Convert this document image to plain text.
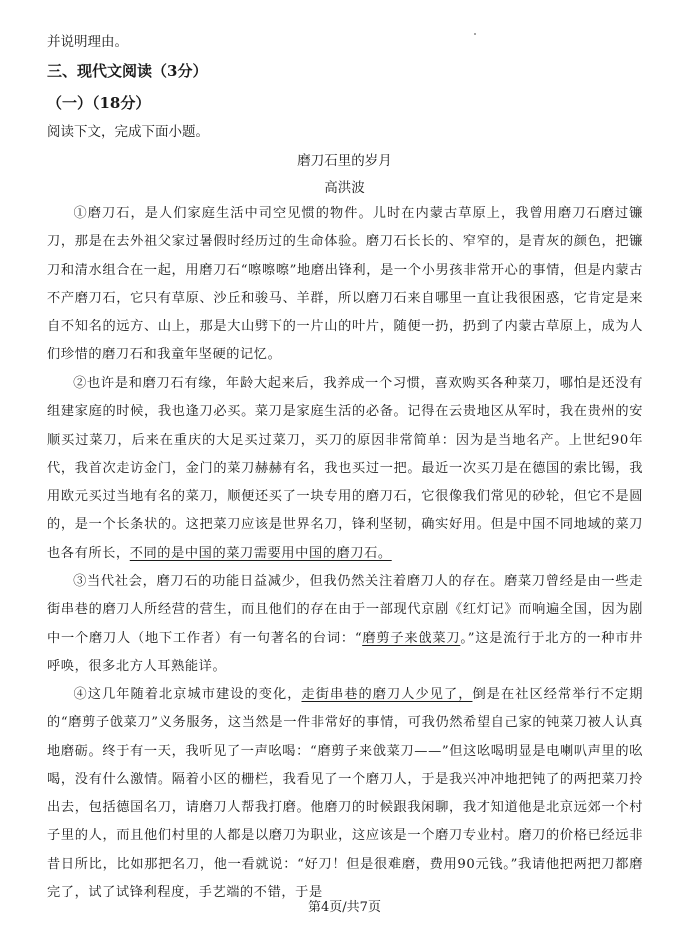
并说明理由。
三、现代文阅读（3分）
（一）（18分）
阅读下文，完成下面小题。
磨刀石里的岁月
高洪波
①磨刀石，是人们家庭生活中司空见惯的物件。儿时在内蒙古草原上，我曾用磨刀石磨过镰刀，那是在去外祖父家过暑假时经历过的生命体验。磨刀石长长的、窄窄的，是青灰的颜色，把镰刀和清水组合在一起，用磨刀石“嚓嚓嚓”地磨出锋利，是一个小男孩非常开心的事情，但是内蒙古不产磨刀石，它只有草原、沙丘和骏马、羊群，所以磨刀石来自哪里一直让我很困惑，它肯定是来自不知名的远方、山上，那是大山劈下的一片山的叶片，随便一扔，扔到了内蒙古草原上，成为人们珍惜的磨刀石和我童年坚硬的记忆。
②也许是和磨刀石有缘，年龄大起来后，我养成一个习惯，喜欢购买各种菜刀，哪怕是还没有组建家庭的时候，我也逢刀必买。菜刀是家庭生活的必备。记得在云贵地区从军时，我在贵州的安顺买过菜刀，后来在重庆的大足买过菜刀，买刀的原因非常简单：因为是当地名产。上世纪90年代，我首次走访金门，金门的菜刀赫赫有名，我也买过一把。最近一次买刀是在德国的索比锡，我用欧元买过当地有名的菜刀，顺便还买了一块专用的磨刀石，它很像我们常见的砂轮，但它不是圆的，是一个长条状的。这把菜刀应该是世界名刀，锋利坚韧，确实好用。但是中国不同地域的菜刀也各有所长，不同的是中国的菜刀需要用中国的磨刀石。
③当代社会，磨刀石的功能日益减少，但我仍然关注着磨刀人的存在。磨菜刀曾经是由一些走街串巷的磨刀人所经营的营生，而且他们的存在由于一部现代京剧《红灯记》而响遍全国，因为剧中一个磨刀人（地下工作者）有一句著名的台词：“磨剪子来戗菜刀。”这是流行于北方的一种市井呼唤，很多北方人耳熟能详。
④这几年随着北京城市建设的变化，走街串巷的磨刀人少见了，倒是在社区经常举行不定期的“磨剪子戗菜刀”义务服务，这当然是一件非常好的事情，可我仍然希望自己家的钝菜刀被人认真地磨砺。终于有一天，我听见了一声吆喝：“磨剪子来戗菜刀——”但这吆喝明显是电喇叭声里的吆喝，没有什么激情。隔着小区的栅栏，我看见了一个磨刀人，于是我兴冲冲地把钝了的两把菜刀拎出去，包括德国名刀，请磨刀人帮我打磨。他磨刀的时候跟我闲聊，我才知道他是北京远郊一个村子里的人，而且他们村里的人都是以磨刀为职业，这应该是一个磨刀专业村。磨刀的价格已经远非昔日所比，比如那把名刀，他一看就说：“好刀！但是很难磨，费用90元钱。”我请他把两把刀都磨完了，试了试锋利程度，手艺端的不错，于是
第4页/共7页
